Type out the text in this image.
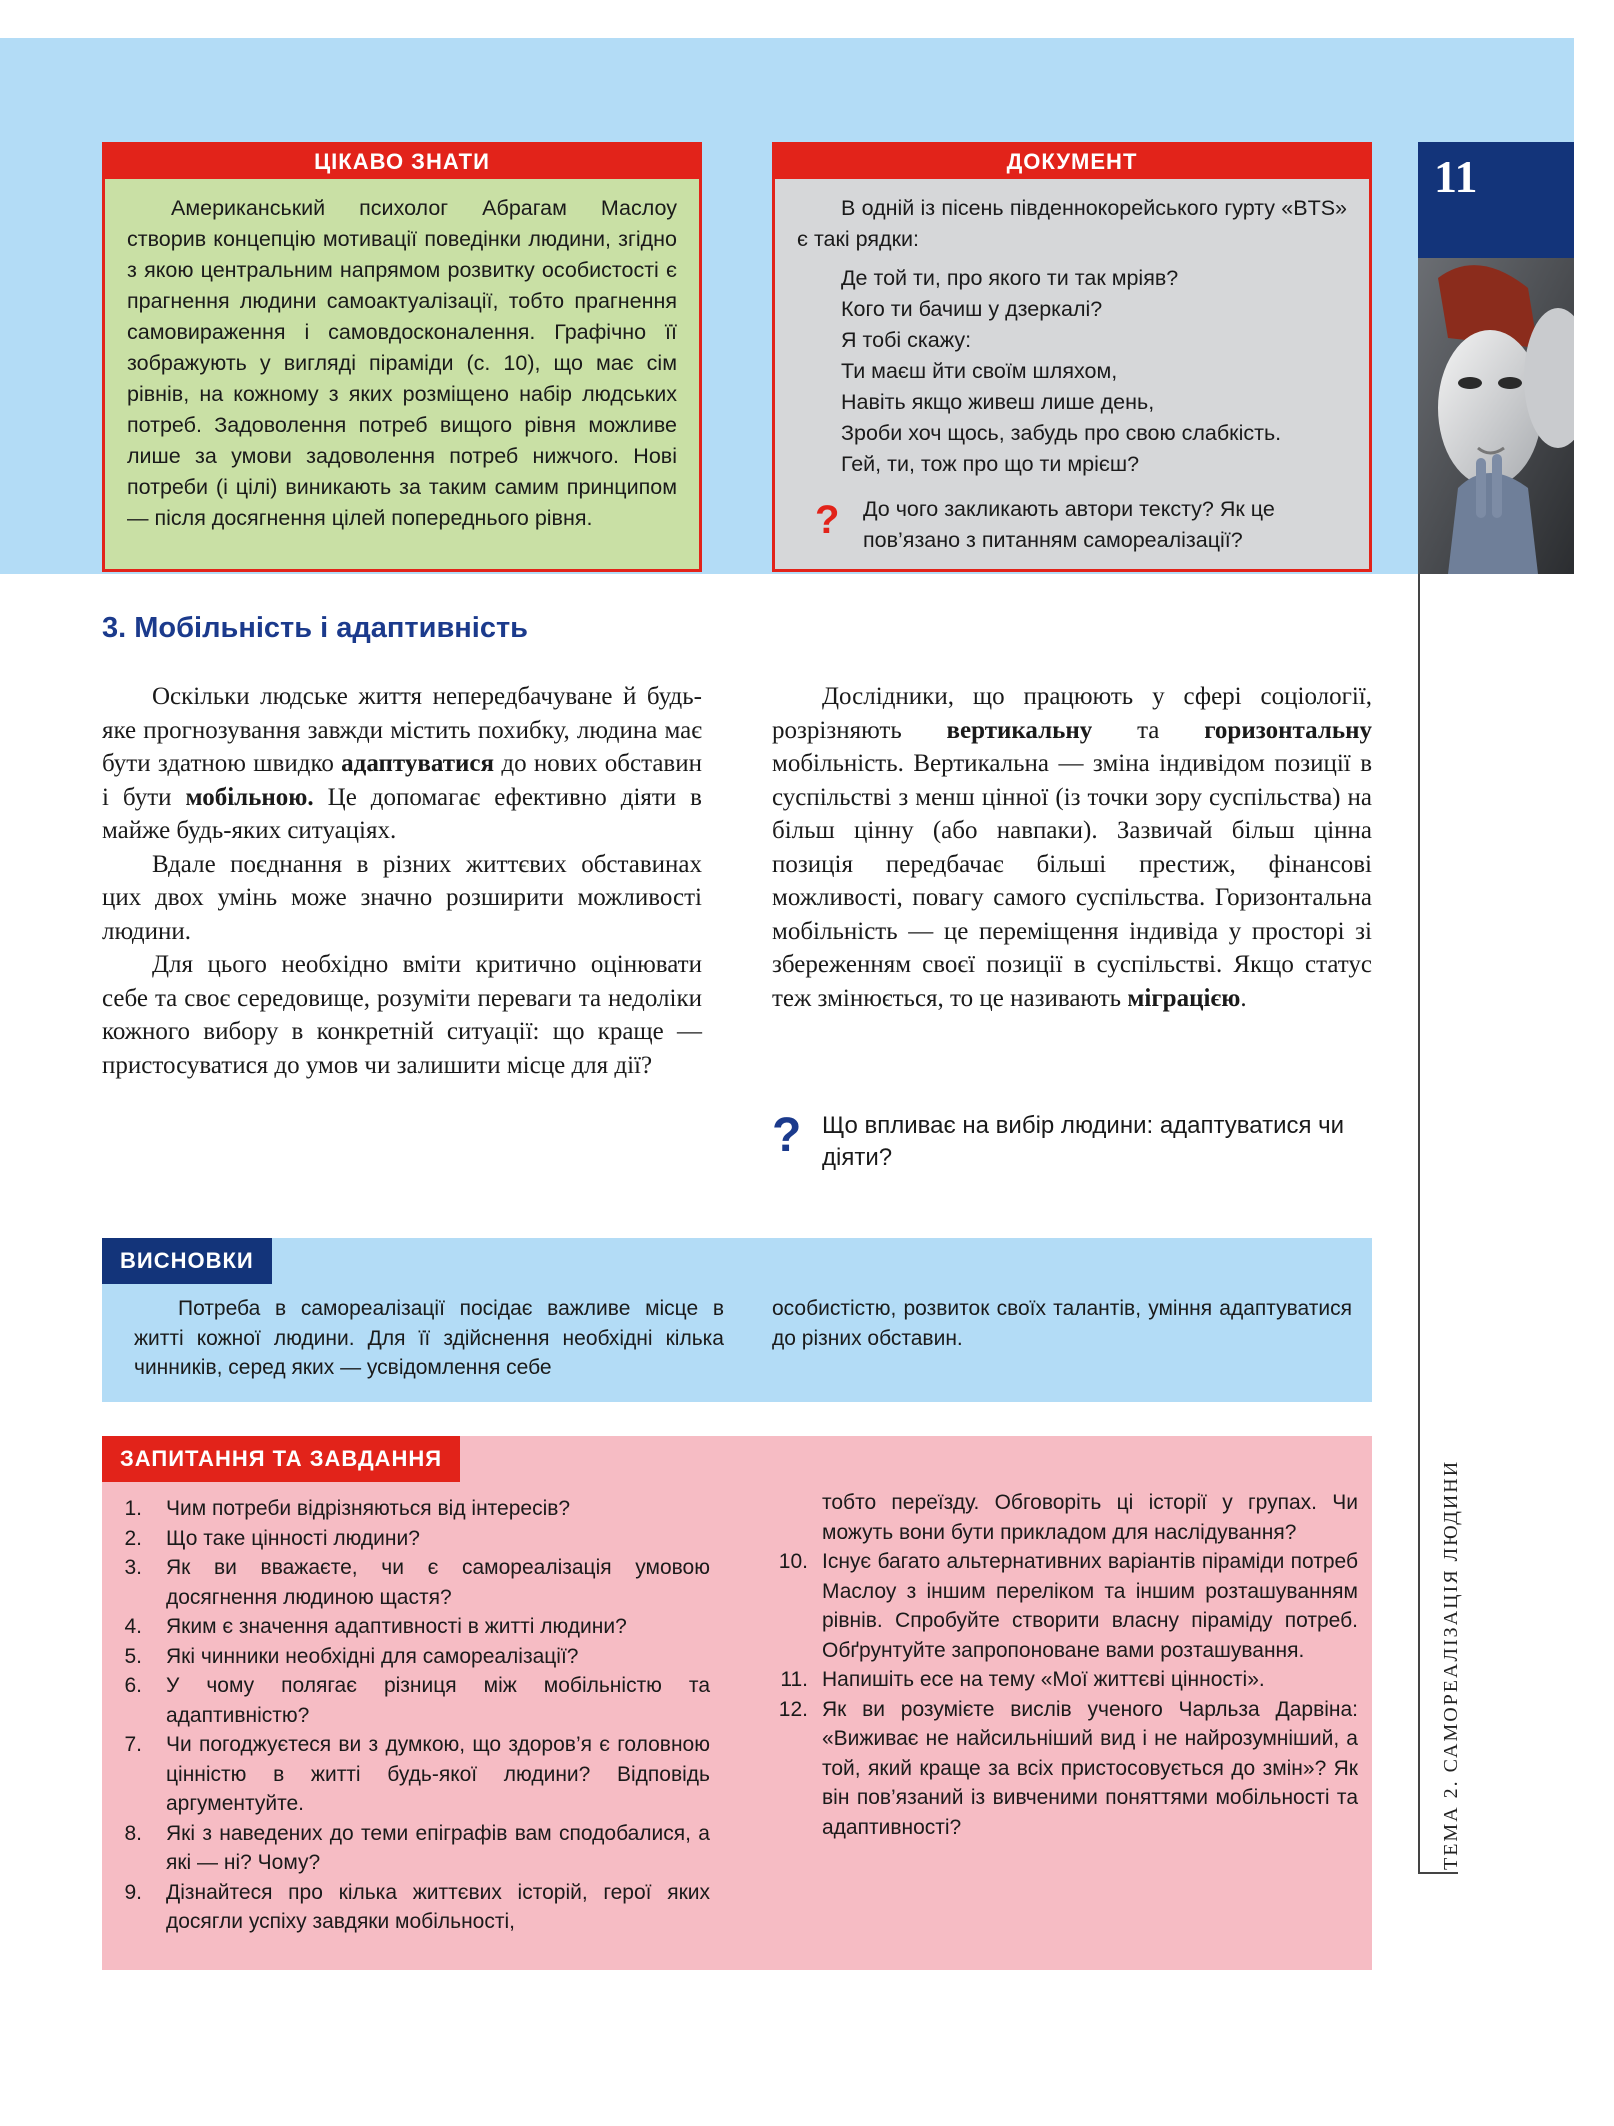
11
ТЕМА 2. САМОРЕАЛІЗАЦІЯ ЛЮДИНИ
ЦІКАВО ЗНАТИ

Американський психолог Абрагам Маслоу створив концепцію мотивації поведінки людини, згідно з якою центральним напрямом розвитку особистості є прагнення людини самоактуалізації, тобто прагнення самовираження і самовдосконалення. Графічно її зображують у вигляді піраміди (с. 10), що має сім рівнів, на кожному з яких розміщено набір людських потреб. Задоволення потреб вищого рівня можливе лише за умови задоволення потреб нижчого. Нові потреби (і цілі) виникають за таким самим принципом — після досягнення цілей попереднього рівня.

ДОКУМЕНТ

В одній із пісень південнокорейського гурту «BTS» є такі рядки:

Де той ти, про якого ти так мріяв?

Кого ти бачиш у дзеркалі?

Я тобі скажу:

Ти маєш йти своїм шляхом,

Навіть якщо живеш лише день,

Зроби хоч щось, забудь про свою слабкість.

Гей, ти, тож про що ти мрієш?

? До чого закликають автори тексту? Як це пов’язано з питанням самореалізації?
3. Мобільність і адаптивність

Оскільки людське життя непередбачуване й будь-яке прогнозування завжди містить похибку, людина має бути здатною швидко адаптуватися до нових обставин і бути мобільною. Це допомагає ефективно діяти в майже будь-яких ситуаціях.

Вдале поєднання в різних життєвих обставинах цих двох умінь може значно розширити можливості людини.

Для цього необхідно вміти критично оцінювати себе та своє середовище, розуміти переваги та недоліки кожного вибору в конкретній ситуації: що краще — пристосуватися до умов чи залишити місце для дії?

Дослідники, що працюють у сфері соціології, розрізняють вертикальну та горизонтальну мобільність. Вертикальна — зміна індивідом позиції в суспільстві з менш цінної (із точки зору суспільства) на більш цінну (або навпаки). Зазвичай більш цінна позиція передбачає більші престиж, фінансові можливості, повагу самого суспільства. Горизонтальна мобільність — це переміщення індивіда у просторі зі збереженням своєї позиції в суспільстві. Якщо статус теж змінюється, то це називають міграцією.

? Що впливає на вибір людини: адаптуватися чи діяти?
ВИСНОВКИ
Потреба в самореалізації посідає важливе місце в житті кожної людини. Для її здійснення необхідні кілька чинників, серед яких — усвідомлення себе
особистістю, розвиток своїх талантів, уміння адаптуватися до різних обставин.
ЗАПИТАННЯ ТА ЗАВДАННЯ
1.	Чим потреби відрізняються від інтересів?
2.	Що таке цінності людини?
3.	Як ви вважаєте, чи є самореалізація умовою досягнення людиною щастя?
4.	Яким є значення адаптивності в житті людини?
5.	Які чинники необхідні для самореалізації?
6.	У чому полягає різниця між мобільністю та адаптивністю?
7.	Чи погоджуєтеся ви з думкою, що здоров’я є головною цінністю в житті будь-якої людини? Відповідь аргументуйте.
8.	Які з наведених до теми епіграфів вам сподобалися, а які — ні? Чому?
9.	Дізнайтеся про кілька життєвих історій, герої яких досягли успіху завдяки мобільності,
тобто переїзду. Обговоріть ці історії у групах. Чи можуть вони бути прикладом для наслідування?
10. Існує багато альтернативних варіантів піраміди потреб Маслоу з іншим переліком та іншим розташуванням рівнів. Спробуйте створити власну піраміду потреб. Обґрунтуйте запропоноване вами розташування.
11. Напишіть есе на тему «Мої життєві цінності».
12. Як ви розумієте вислів ученого Чарльза Дарвіна: «Виживає не найсильніший вид і не найрозумніший, а той, який краще за всіх пристосовується до змін»? Як він пов’язаний із вивченими поняттями мобільності та адаптивності?
